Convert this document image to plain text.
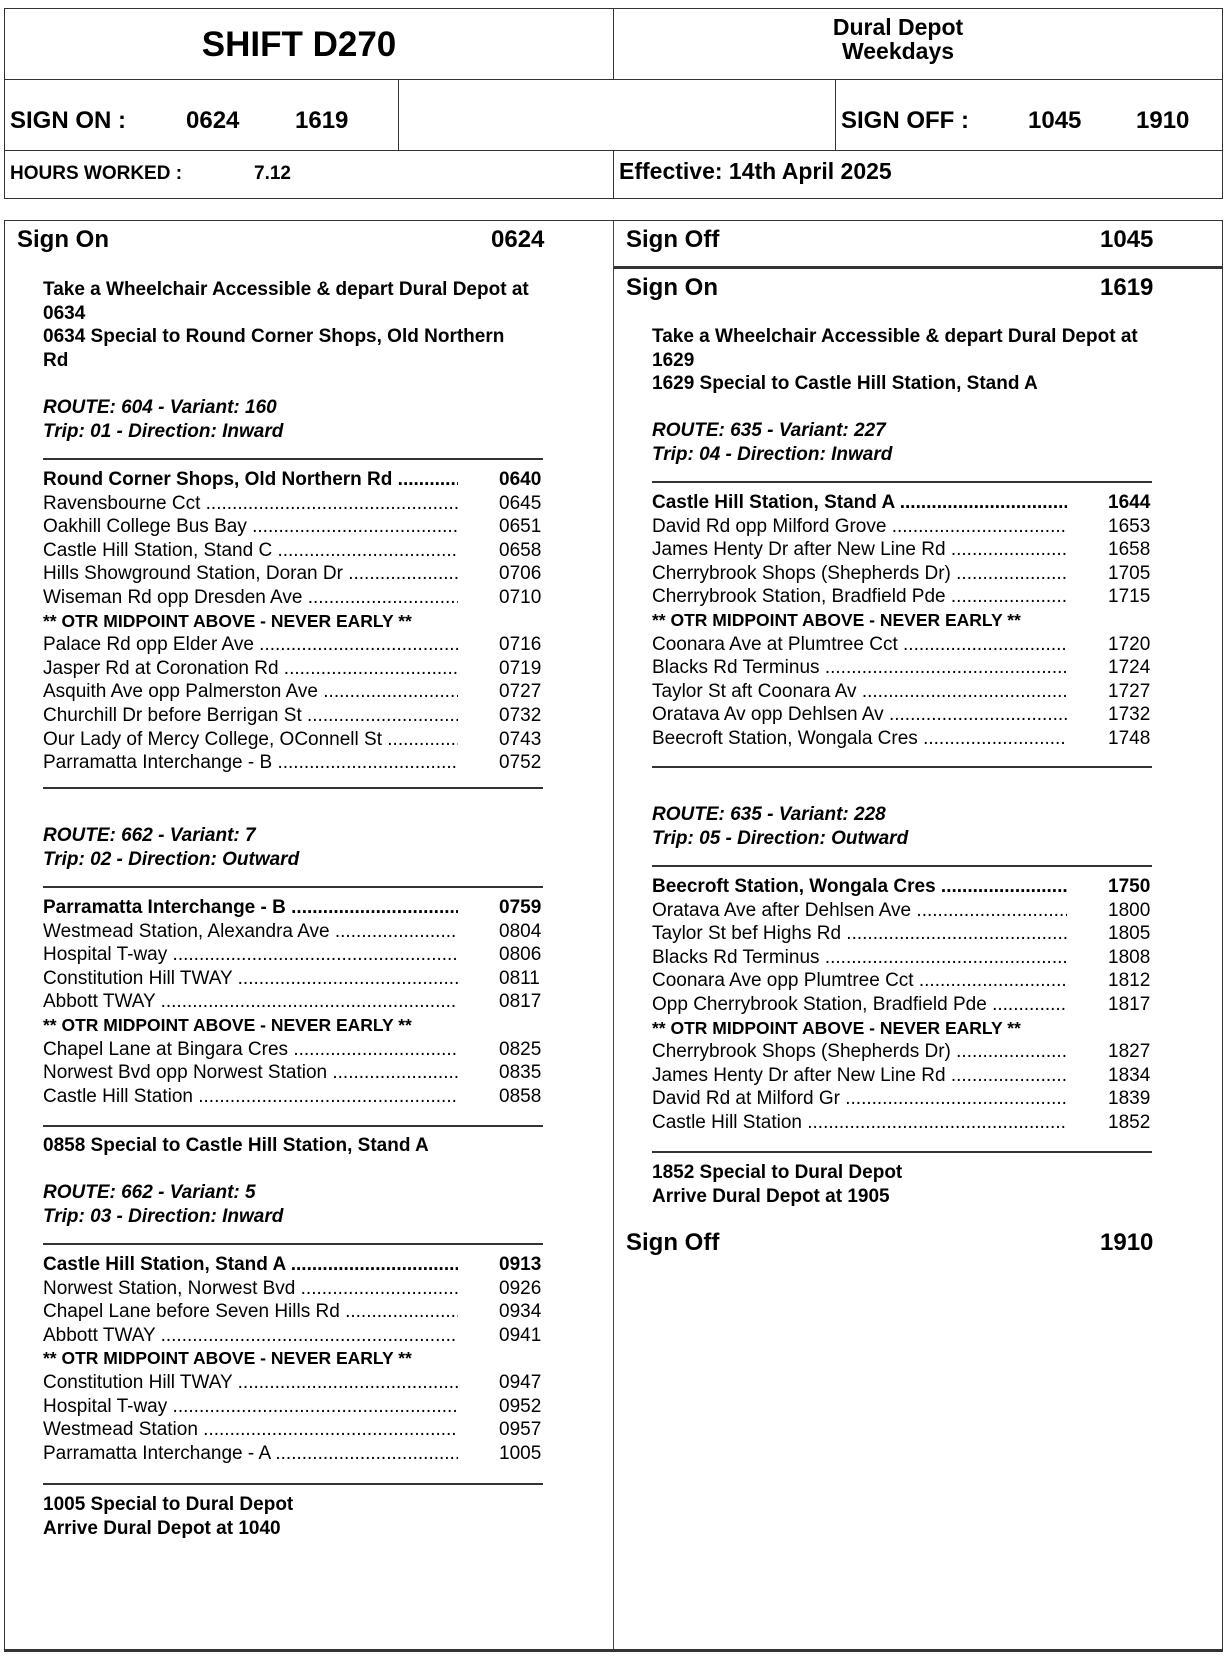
SHIFT D270	Dural Depot
Weekdays
SIGN ON : 0624 1619	SIGN OFF : 1045 1910
HOURS WORKED :	7.12	Effective: 14th April 2025
Sign On	0624
Take a Wheelchair Accessible & depart Dural Depot at
0634
0634 Special to Round Corner Shops, Old Northern
Rd
ROUTE: 604 - Variant: 160
Trip: 01 - Direction: Inward
Round Corner Shops, Old Northern Rd .....	0640
Ravensbourne Cct .....	0645
Oakhill College Bus Bay .....	0651
Castle Hill Station, Stand C .....	0658
Hills Showground Station, Doran Dr .....	0706
Wiseman Rd opp Dresden Ave .....	0710
** OTR MIDPOINT ABOVE - NEVER EARLY **
Palace Rd opp Elder Ave .....	0716
Jasper Rd at Coronation Rd .....	0719
Asquith Ave opp Palmerston Ave .....	0727
Churchill Dr before Berrigan St .....	0732
Our Lady of Mercy College, OConnell St .....	0743
Parramatta Interchange - B .....	0752
ROUTE: 662 - Variant: 7
Trip: 02 - Direction: Outward
Parramatta Interchange - B .....	0759
Westmead Station, Alexandra Ave .....	0804
Hospital T-way .....	0806
Constitution Hill TWAY .....	0811
Abbott TWAY .....	0817
** OTR MIDPOINT ABOVE - NEVER EARLY **
Chapel Lane at Bingara Cres .....	0825
Norwest Bvd opp Norwest Station .....	0835
Castle Hill Station .....	0858
0858 Special to Castle Hill Station, Stand A
ROUTE: 662 - Variant: 5
Trip: 03 - Direction: Inward
Castle Hill Station, Stand A .....	0913
Norwest Station, Norwest Bvd .....	0926
Chapel Lane before Seven Hills Rd .....	0934
Abbott TWAY .....	0941
** OTR MIDPOINT ABOVE - NEVER EARLY **
Constitution Hill TWAY .....	0947
Hospital T-way .....	0952
Westmead Station .....	0957
Parramatta Interchange - A .....	1005
1005 Special to Dural Depot
Arrive Dural Depot at 1040
Sign Off	1045
Sign On	1619
Take a Wheelchair Accessible & depart Dural Depot at
1629
1629 Special to Castle Hill Station, Stand A
ROUTE: 635 - Variant: 227
Trip: 04 - Direction: Inward
Castle Hill Station, Stand A .....	1644
David Rd opp Milford Grove .....	1653
James Henty Dr after New Line Rd .....	1658
Cherrybrook Shops (Shepherds Dr) .....	1705
Cherrybrook Station, Bradfield Pde .....	1715
** OTR MIDPOINT ABOVE - NEVER EARLY **
Coonara Ave at Plumtree Cct .....	1720
Blacks Rd Terminus .....	1724
Taylor St aft Coonara Av .....	1727
Oratava Av opp Dehlsen Av .....	1732
Beecroft Station, Wongala Cres .....	1748
ROUTE: 635 - Variant: 228
Trip: 05 - Direction: Outward
Beecroft Station, Wongala Cres .....	1750
Oratava Ave after Dehlsen Ave .....	1800
Taylor St bef Highs Rd .....	1805
Blacks Rd Terminus .....	1808
Coonara Ave opp Plumtree Cct .....	1812
Opp Cherrybrook Station, Bradfield Pde .....	1817
** OTR MIDPOINT ABOVE - NEVER EARLY **
Cherrybrook Shops (Shepherds Dr) .....	1827
James Henty Dr after New Line Rd .....	1834
David Rd at Milford Gr .....	1839
Castle Hill Station .....	1852
1852 Special to Dural Depot
Arrive Dural Depot at 1905
Sign Off	1910
